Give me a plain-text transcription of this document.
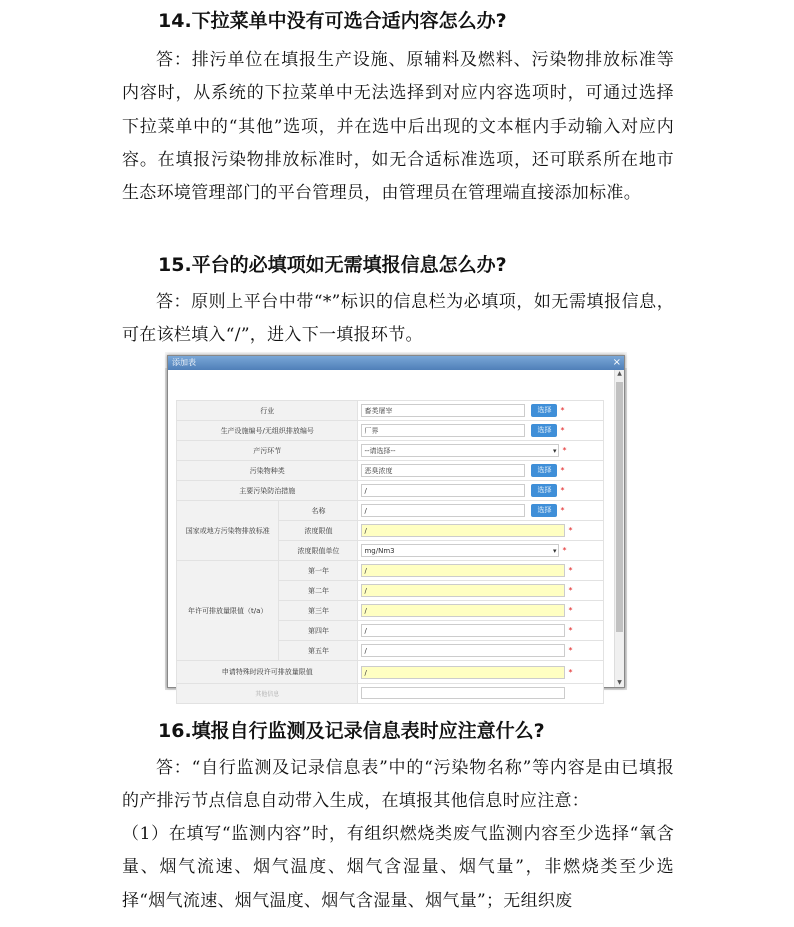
14.下拉菜单中没有可选合适内容怎么办?

答：排污单位在填报生产设施、原辅料及燃料、污染物排放标准等内容时，从系统的下拉菜单中无法选择到对应内容选项时，可通过选择下拉菜单中的“其他”选项，并在选中后出现的文本框内手动输入对应内容。在填报污染物排放标准时，如无合适标准选项，还可联系所在地市生态环境管理部门的平台管理员，由管理员在管理端直接添加标准。

15.平台的必填项如无需填报信息怎么办?

答：原则上平台中带“*”标识的信息栏为必填项，如无需填报信息，可在该栏填入“/”，进入下一填报环节。

添加表	×
行业		畜类屠宰 选择 *
生产设施编号/无组织排放编号		厂界 选择 *
产污环节		--请选择-- ▾ *
污染物种类		恶臭浓度 选择 *
主要污染防治措施		/ 选择 *
国家或地方污染物排放标准	名称	/ 选择 *
	浓度限值	/ *
	浓度限值单位	mg/Nm3 ▾ *
年许可排放量限值（t/a）	第一年	/ *
	第二年	/ *
	第三年	/ *
	第四年	/ *
	第五年	/ *
申请特殊时段许可排放量限值		/ *
其他信息		
▲
▼
16.填报自行监测及记录信息表时应注意什么?

答：“自行监测及记录信息表”中的“污染物名称”等内容是由已填报的产排污节点信息自动带入生成，在填报其他信息时应注意：

（1）在填写“监测内容”时，有组织燃烧类废气监测内容至少选择“氧含量、烟气流速、烟气温度、烟气含湿量、烟气量”，非燃烧类至少选择“烟气流速、烟气温度、烟气含湿量、烟气量”；无组织废
